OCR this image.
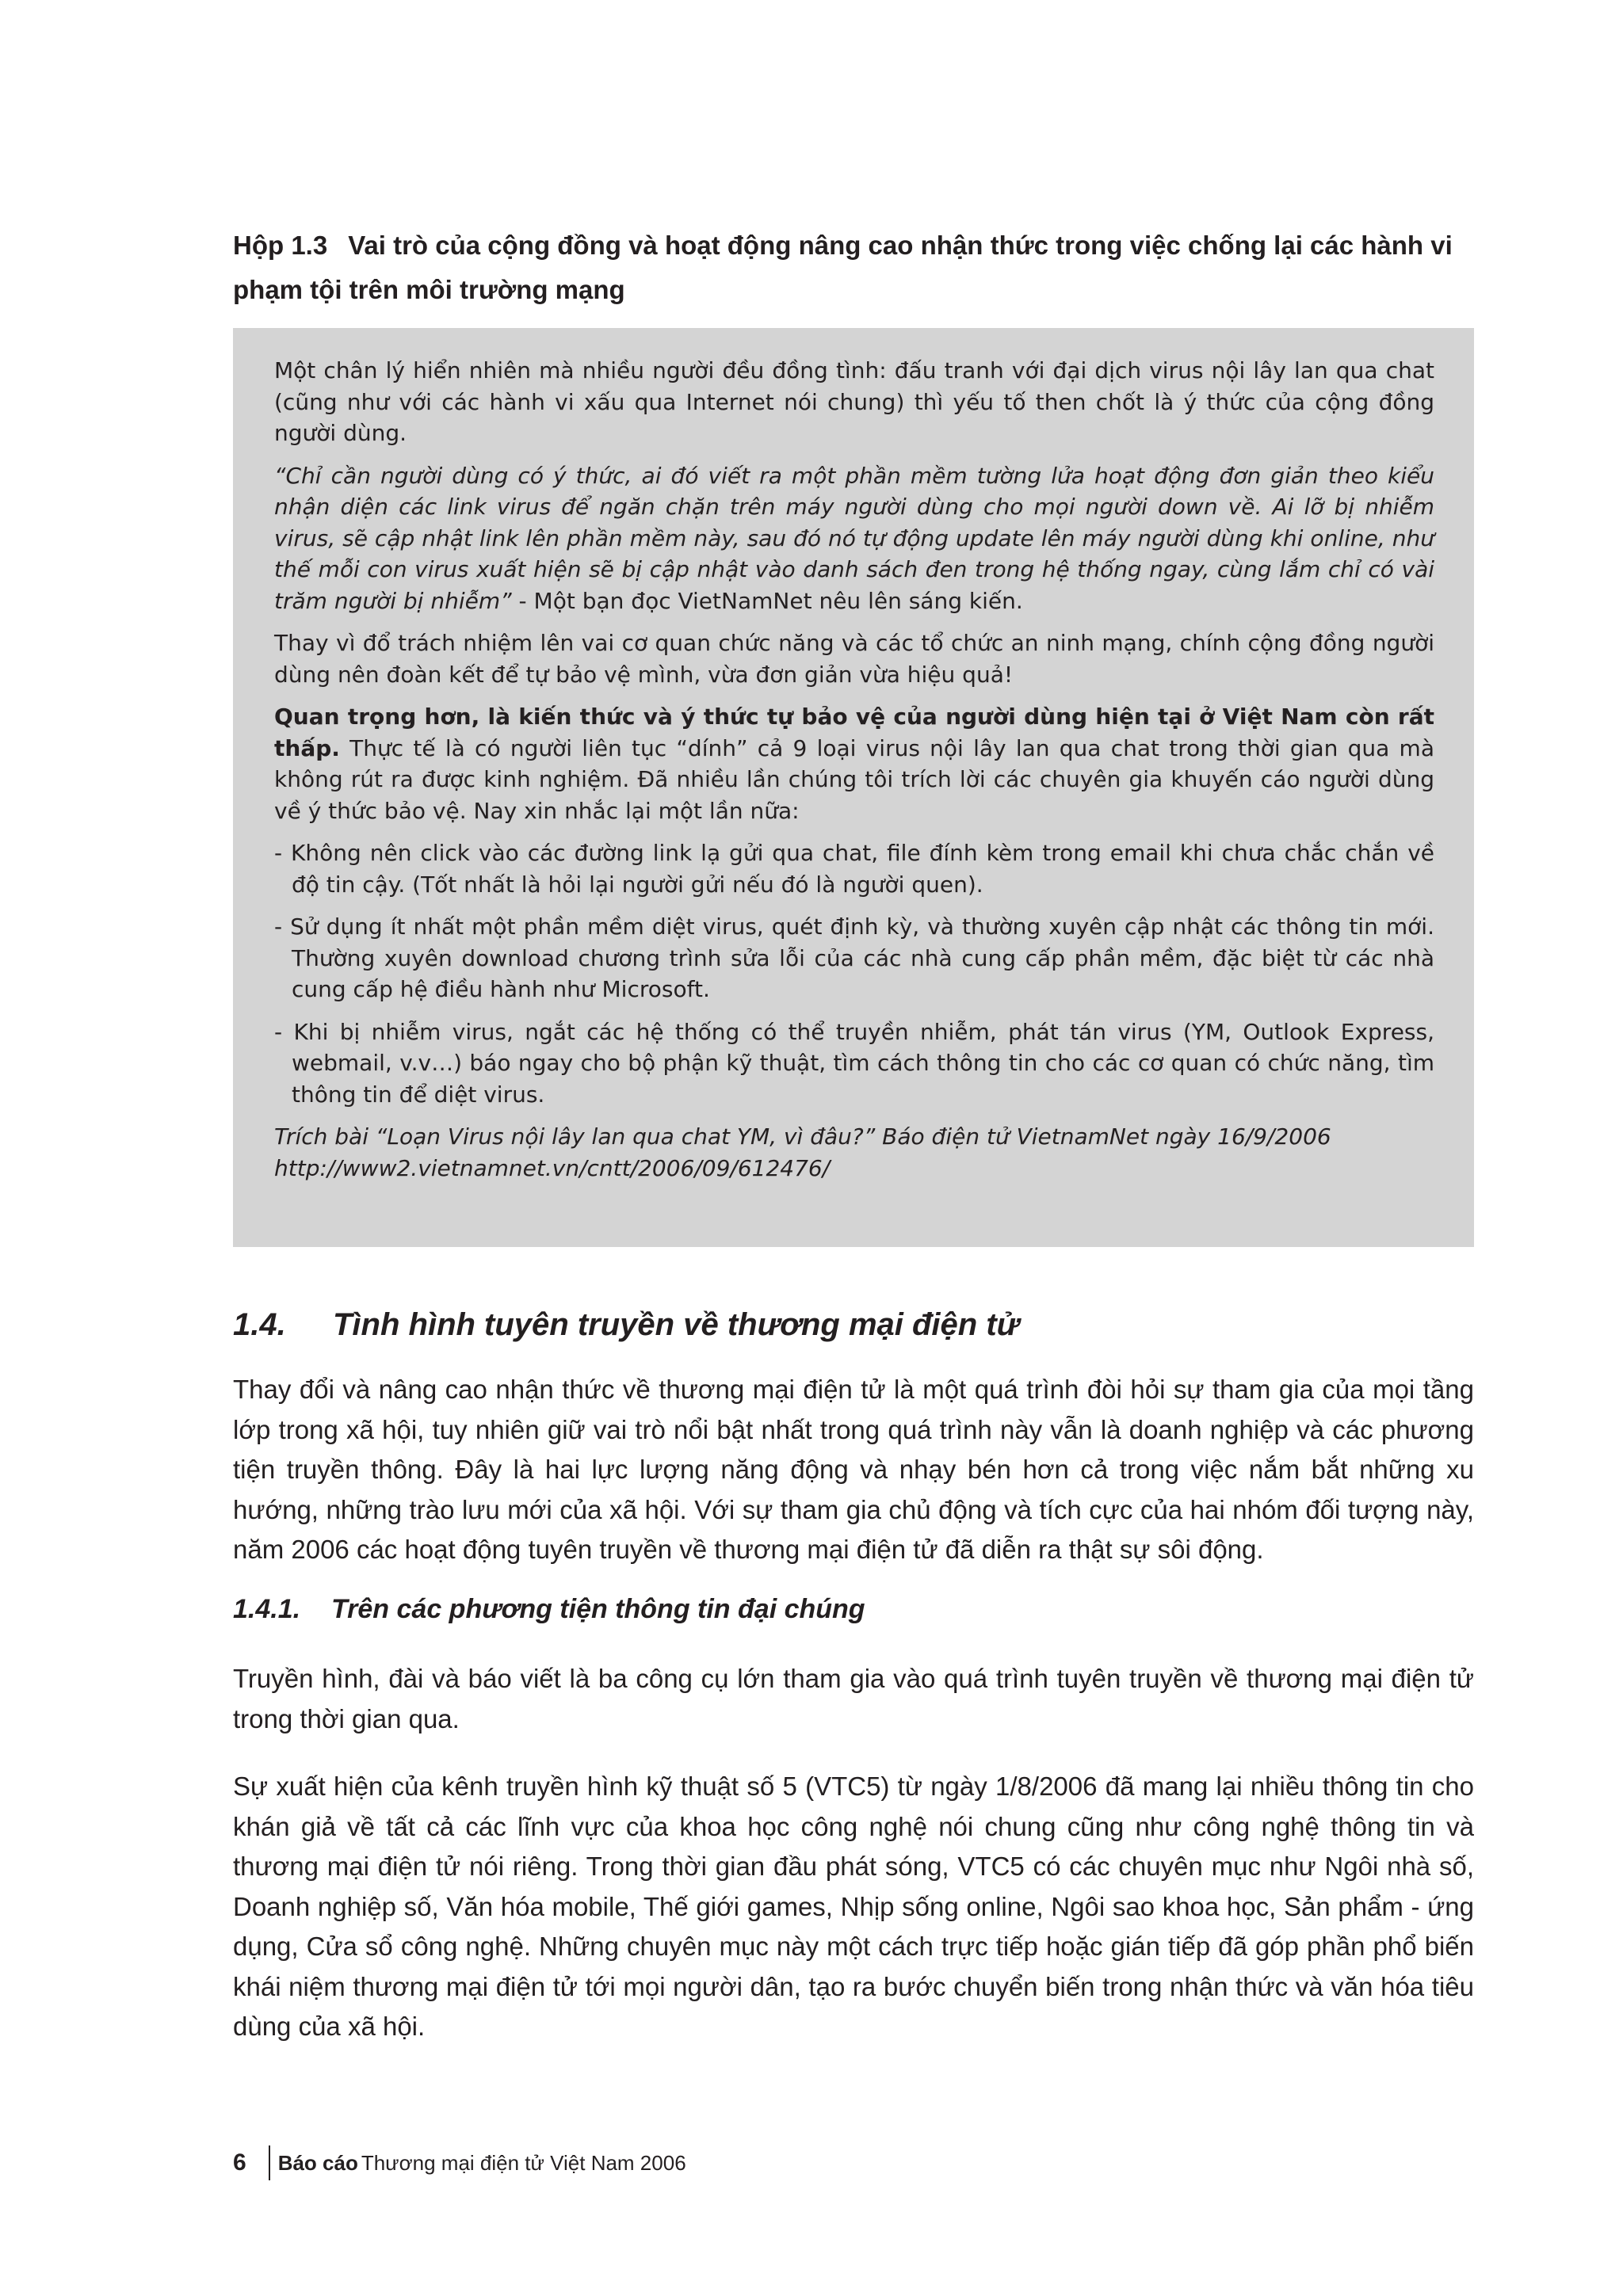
Hộp 1.3 Vai trò của cộng đồng và hoạt động nâng cao nhận thức trong việc chống lại các hành vi phạm tội trên môi trường mạng

Một chân lý hiển nhiên mà nhiều người đều đồng tình: đấu tranh với đại dịch virus nội lây lan qua chat (cũng như với các hành vi xấu qua Internet nói chung) thì yếu tố then chốt là ý thức của cộng đồng người dùng.

“Chỉ cần người dùng có ý thức, ai đó viết ra một phần mềm tường lửa hoạt động đơn giản theo kiểu nhận diện các link virus để ngăn chặn trên máy người dùng cho mọi người down về. Ai lỡ bị nhiễm virus, sẽ cập nhật link lên phần mềm này, sau đó nó tự động update lên máy người dùng khi online, như thế mỗi con virus xuất hiện sẽ bị cập nhật vào danh sách đen trong hệ thống ngay, cùng lắm chỉ có vài trăm người bị nhiễm” - Một bạn đọc VietNamNet nêu lên sáng kiến.

Thay vì đổ trách nhiệm lên vai cơ quan chức năng và các tổ chức an ninh mạng, chính cộng đồng người dùng nên đoàn kết để tự bảo vệ mình, vừa đơn giản vừa hiệu quả!

Quan trọng hơn, là kiến thức và ý thức tự bảo vệ của người dùng hiện tại ở Việt Nam còn rất thấp. Thực tế là có người liên tục “dính” cả 9 loại virus nội lây lan qua chat trong thời gian qua mà không rút ra được kinh nghiệm. Đã nhiều lần chúng tôi trích lời các chuyên gia khuyến cáo người dùng về ý thức bảo vệ. Nay xin nhắc lại một lần nữa:

- Không nên click vào các đường link lạ gửi qua chat, file đính kèm trong email khi chưa chắc chắn về độ tin cậy. (Tốt nhất là hỏi lại người gửi nếu đó là người quen).

- Sử dụng ít nhất một phần mềm diệt virus, quét định kỳ, và thường xuyên cập nhật các thông tin mới. Thường xuyên download chương trình sửa lỗi của các nhà cung cấp phần mềm, đặc biệt từ các nhà cung cấp hệ điều hành như Microsoft.

- Khi bị nhiễm virus, ngắt các hệ thống có thể truyền nhiễm, phát tán virus (YM, Outlook Express, webmail, v.v…) báo ngay cho bộ phận kỹ thuật, tìm cách thông tin cho các cơ quan có chức năng, tìm thông tin để diệt virus.

Trích bài “Loạn Virus nội lây lan qua chat YM, vì đâu?” Báo điện tử VietnamNet ngày 16/9/2006
http://www2.vietnamnet.vn/cntt/2006/09/612476/

1.4. Tình hình tuyên truyền về thương mại điện tử

Thay đổi và nâng cao nhận thức về thương mại điện tử là một quá trình đòi hỏi sự tham gia của mọi tầng lớp trong xã hội, tuy nhiên giữ vai trò nổi bật nhất trong quá trình này vẫn là doanh nghiệp và các phương tiện truyền thông. Đây là hai lực lượng năng động và nhạy bén hơn cả trong việc nắm bắt những xu hướng, những trào lưu mới của xã hội. Với sự tham gia chủ động và tích cực của hai nhóm đối tượng này, năm 2006 các hoạt động tuyên truyền về thương mại điện tử đã diễn ra thật sự sôi động.

1.4.1. Trên các phương tiện thông tin đại chúng

Truyền hình, đài và báo viết là ba công cụ lớn tham gia vào quá trình tuyên truyền về thương mại điện tử trong thời gian qua.

Sự xuất hiện của kênh truyền hình kỹ thuật số 5 (VTC5) từ ngày 1/8/2006 đã mang lại nhiều thông tin cho khán giả về tất cả các lĩnh vực của khoa học công nghệ nói chung cũng như công nghệ thông tin và thương mại điện tử nói riêng. Trong thời gian đầu phát sóng, VTC5 có các chuyên mục như Ngôi nhà số, Doanh nghiệp số, Văn hóa mobile, Thế giới games, Nhịp sống online, Ngôi sao khoa học, Sản phẩm - ứng dụng, Cửa sổ công nghệ. Những chuyên mục này một cách trực tiếp hoặc gián tiếp đã góp phần phổ biến khái niệm thương mại điện tử tới mọi người dân, tạo ra bước chuyển biến trong nhận thức và văn hóa tiêu dùng của xã hội.

6 Báo cáo Thương mại điện tử Việt Nam 2006
